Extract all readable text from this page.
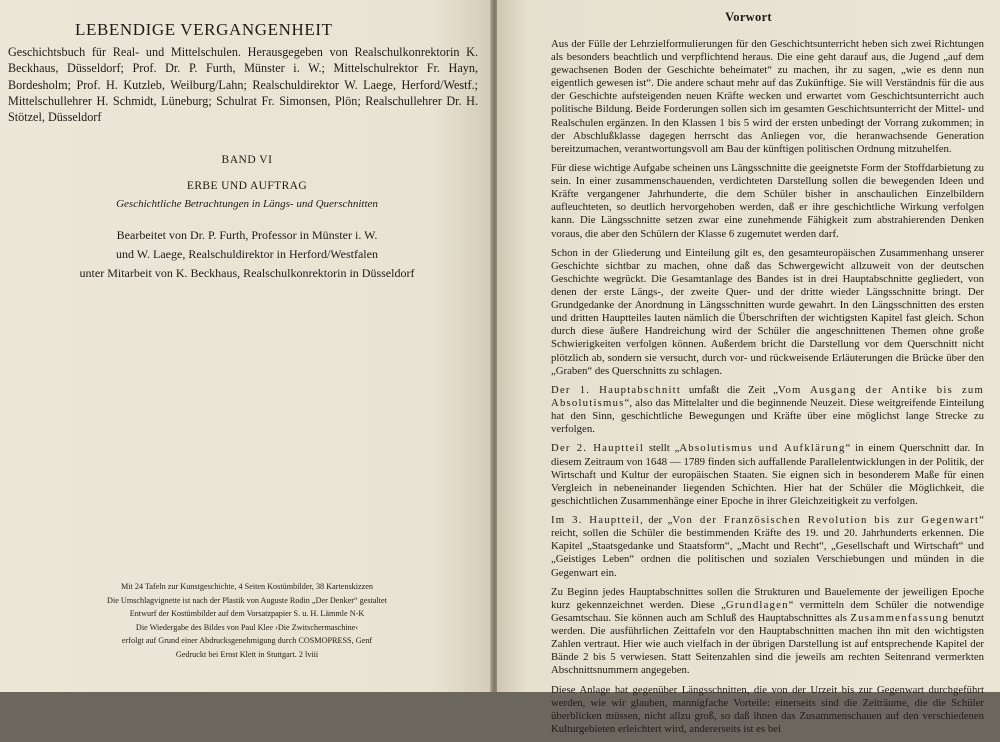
LEBENDIGE VERGANGENHEIT
Geschichtsbuch für Real- und Mittelschulen. Herausgegeben von Realschulkonrektorin K. Beckhaus, Düsseldorf; Prof. Dr. P. Furth, Münster i. W.; Mittelschulrektor Fr. Hayn, Bordesholm; Prof. H. Kutzleb, Weilburg/Lahn; Realschuldirektor W. Laege, Herford/Westf.; Mittelschullehrer H. Schmidt, Lüneburg; Schulrat Fr. Simonsen, Plön; Realschullehrer Dr. H. Stötzel, Düsseldorf
BAND VI
ERBE UND AUFTRAG
Geschichtliche Betrachtungen in Längs- und Querschnitten
Bearbeitet von Dr. P. Furth, Professor in Münster i. W.
und W. Laege, Realschuldirektor in Herford/Westfalen
unter Mitarbeit von K. Beckhaus, Realschulkonrektorin in Düsseldorf
Mit 24 Tafeln zur Kunstgeschichte, 4 Seiten Kostümbilder, 38 Kartenskizzen
Die Umschlagvignette ist nach der Plastik von Auguste Rodin „Der Denker“ gestaltet
Entwurf der Kostümbilder auf dem Vorsatzpapier S. u. H. Lämmle N-K
Die Wiedergabe des Bildes von Paul Klee ›Die Zwitschermaschine‹
erfolgt auf Grund einer Abdrucksgenehmigung durch COSMOPRESS, Genf
Gedruckt bei Ernst Klett in Stuttgart. 2 lviii
Vorwort

Aus der Fülle der Lehrzielformulierungen für den Geschichtsunterricht heben sich zwei Richtungen als besonders beachtlich und verpflichtend heraus. Die eine geht darauf aus, die Jugend „auf dem gewachsenen Boden der Geschichte beheimatet“ zu machen, ihr zu sagen, „wie es denn nun eigentlich gewesen ist“. Die andere schaut mehr auf das Zukünftige. Sie will Verständnis für die aus der Geschichte aufsteigenden neuen Kräfte wecken und erwartet vom Geschichtsunterricht auch politische Bildung. Beide Forderungen sollen sich im gesamten Geschichtsunterricht der Mittel- und Realschulen ergänzen. In den Klassen 1 bis 5 wird der ersten unbedingt der Vorrang zukommen; in der Abschlußklasse dagegen herrscht das Anliegen vor, die heranwachsende Generation bereitzumachen, verantwortungsvoll am Bau der künftigen politischen Ordnung mitzuhelfen.

Für diese wichtige Aufgabe scheinen uns Längsschnitte die geeignetste Form der Stoffdarbietung zu sein. In einer zusammenschauenden, verdichteten Darstellung sollen die bewegenden Ideen und Kräfte vergangener Jahrhunderte, die dem Schüler bisher in anschaulichen Einzelbildern aufleuchteten, so deutlich hervorgehoben werden, daß er ihre geschichtliche Wirkung verfolgen kann. Die Längsschnitte setzen zwar eine zunehmende Fähigkeit zum abstrahierenden Denken voraus, die aber den Schülern der Klasse 6 zugemutet werden darf.

Schon in der Gliederung und Einteilung gilt es, den gesamteuropäischen Zusammenhang unserer Geschichte sichtbar zu machen, ohne daß das Schwergewicht allzuweit von der deutschen Geschichte wegrückt. Die Gesamtanlage des Bandes ist in drei Hauptabschnitte gegliedert, von denen der erste Längs-, der zweite Quer- und der dritte wieder Längsschnitte bringt. Der Grundgedanke der Anordnung in Längsschnitten wurde gewahrt. In den Längsschnitten des ersten und dritten Hauptteiles lauten nämlich die Überschriften der wichtigsten Kapitel fast gleich. Schon durch diese äußere Handreichung wird der Schüler die angeschnittenen Themen ohne große Schwierigkeiten verfolgen können. Außerdem bricht die Darstellung vor dem Querschnitt nicht plötzlich ab, sondern sie versucht, durch vor- und rückweisende Erläuterungen die Brücke über den „Graben“ des Querschnitts zu schlagen.

Der 1. Hauptabschnitt umfaßt die Zeit „Vom Ausgang der Antike bis zum Absolutismus“, also das Mittelalter und die beginnende Neuzeit. Diese weitgreifende Einteilung hat den Sinn, geschichtliche Bewegungen und Kräfte über eine möglichst lange Strecke zu verfolgen.

Der 2. Hauptteil stellt „Absolutismus und Aufklärung“ in einem Querschnitt dar. In diesem Zeitraum von 1648 — 1789 finden sich auffallende Parallelentwicklungen in der Politik, der Wirtschaft und Kultur der europäischen Staaten. Sie eignen sich in besonderem Maße für einen Vergleich in nebeneinander liegenden Schichten. Hier hat der Schüler die Möglichkeit, die geschichtlichen Zusammenhänge einer Epoche in ihrer Gleichzeitigkeit zu verfolgen.

Im 3. Hauptteil, der „Von der Französischen Revolution bis zur Gegenwart“ reicht, sollen die Schüler die bestimmenden Kräfte des 19. und 20. Jahrhunderts erkennen. Die Kapitel „Staatsgedanke und Staatsform“, „Macht und Recht“, „Gesellschaft und Wirtschaft“ und „Geistiges Leben“ ordnen die politischen und sozialen Verschiebungen und münden in die Gegenwart ein.

Zu Beginn jedes Hauptabschnittes sollen die Strukturen und Bauelemente der jeweiligen Epoche kurz gekennzeichnet werden. Diese „Grundlagen“ vermitteln dem Schüler die notwendige Gesamtschau. Sie können auch am Schluß des Hauptabschnittes als Zusammenfassung benutzt werden. Die ausführlichen Zeittafeln vor den Hauptabschnitten machen ihn mit den wichtigsten Zahlen vertraut. Hier wie auch vielfach in der übrigen Darstellung ist auf entsprechende Kapitel der Bände 2 bis 5 verwiesen. Statt Seitenzahlen sind die jeweils am rechten Seitenrand vermerkten Abschnittsnummern angegeben.

Diese Anlage hat gegenüber Längsschnitten, die von der Urzeit bis zur Gegenwart durchgeführt werden, wie wir glauben, mannigfache Vorteile: einerseits sind die Zeiträume, die die Schüler überblicken müssen, nicht allzu groß, so daß ihnen das Zusammenschauen auf den verschiedenen Kulturgebieten erleichtert wird, andererseits ist es bei
